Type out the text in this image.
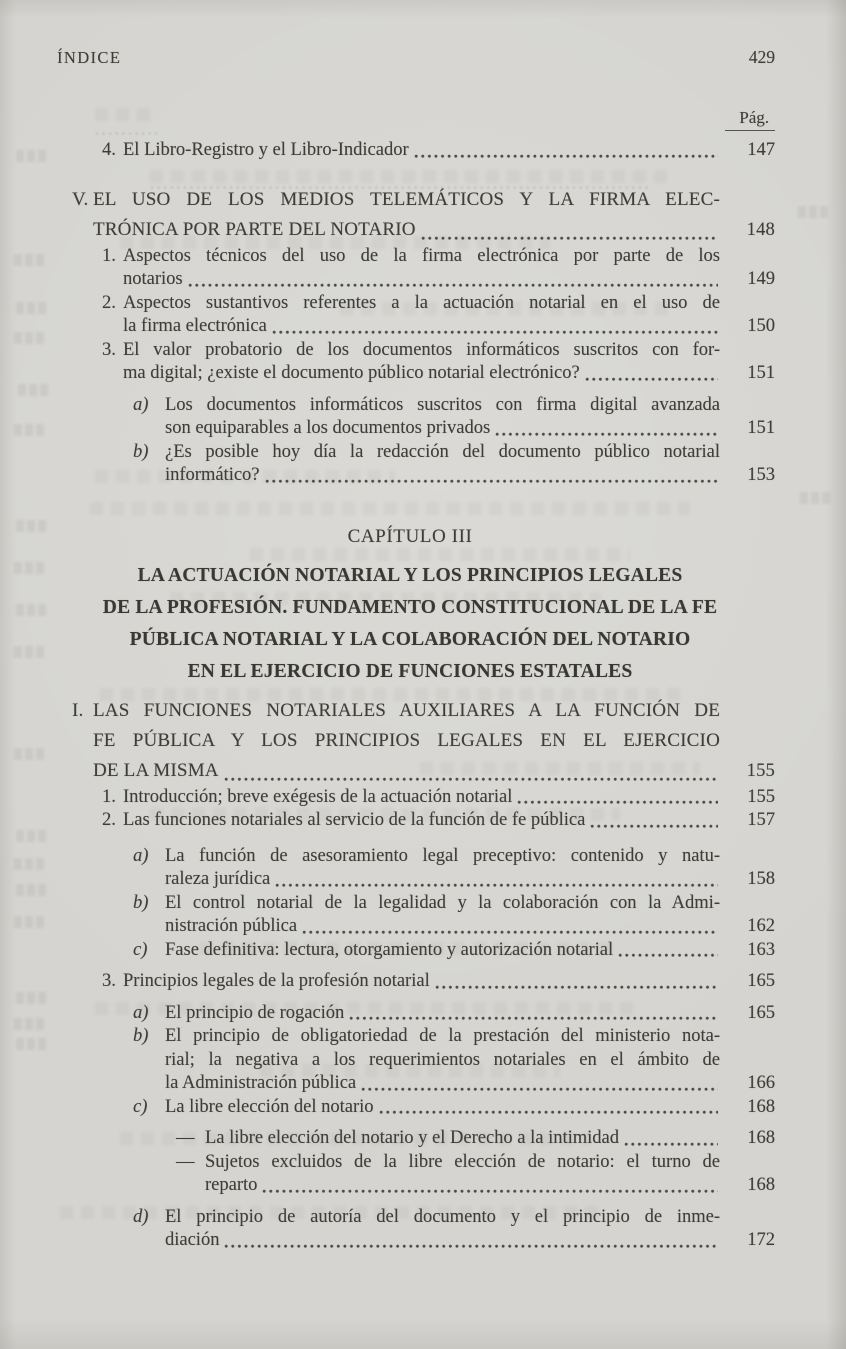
ÍNDICE	429
Pág.
4. El Libro-Registro y el Libro-Indicador	147
V. EL USO DE LOS MEDIOS TELEMÁTICOS Y LA FIRMA ELEC-
TRÓNICA POR PARTE DEL NOTARIO	148
1. Aspectos técnicos del uso de la firma electrónica por parte de los
notarios	149
2. Aspectos sustantivos referentes a la actuación notarial en el uso de
la firma electrónica	150
3. El valor probatorio de los documentos informáticos suscritos con for-
ma digital; ¿existe el documento público notarial electrónico?	151
a) Los documentos informáticos suscritos con firma digital avanzada
son equiparables a los documentos privados	151
b) ¿Es posible hoy día la redacción del documento público notarial
informático?	153
CAPÍTULO III
LA ACTUACIÓN NOTARIAL Y LOS PRINCIPIOS LEGALES
DE LA PROFESIÓN. FUNDAMENTO CONSTITUCIONAL DE LA FE
PÚBLICA NOTARIAL Y LA COLABORACIÓN DEL NOTARIO
EN EL EJERCICIO DE FUNCIONES ESTATALES
I. LAS FUNCIONES NOTARIALES AUXILIARES A LA FUNCIÓN DE
FE PÚBLICA Y LOS PRINCIPIOS LEGALES EN EL EJERCICIO
DE LA MISMA	155
1. Introducción; breve exégesis de la actuación notarial	155
2. Las funciones notariales al servicio de la función de fe pública	157
a) La función de asesoramiento legal preceptivo: contenido y natu-
raleza jurídica	158
b) El control notarial de la legalidad y la colaboración con la Admi-
nistración pública	162
c) Fase definitiva: lectura, otorgamiento y autorización notarial	163
3. Principios legales de la profesión notarial	165
a) El principio de rogación	165
b) El principio de obligatoriedad de la prestación del ministerio nota-
rial; la negativa a los requerimientos notariales en el ámbito de
la Administración pública	166
c) La libre elección del notario	168
— La libre elección del notario y el Derecho a la intimidad	168
— Sujetos excluidos de la libre elección de notario: el turno de
reparto	168
d) El principio de autoría del documento y el principio de inme-
diación	172
